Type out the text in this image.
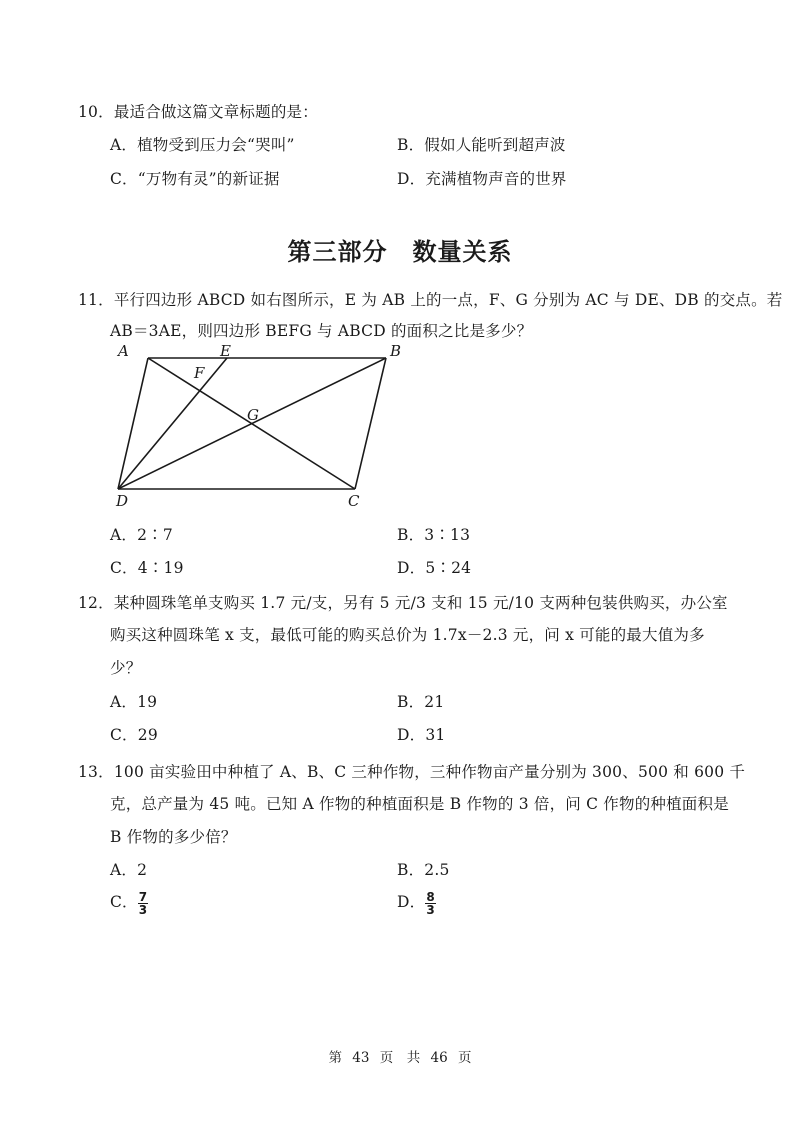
10．最适合做这篇文章标题的是：
A．植物受到压力会“哭叫”	B．假如人能听到超声波
C．“万物有灵”的新证据	D．充满植物声音的世界
第三部分　数量关系
11．平行四边形 ABCD 如右图所示，E 为 AB 上的一点，F、G 分别为 AC 与 DE、DB 的交点。若
AB＝3AE，则四边形 BEFG 与 ABCD 的面积之比是多少？
A	E	B
F
G
D	C
A．2∶7	B．3∶13
C．4∶19	D．5∶24
12．某种圆珠笔单支购买 1.7 元/支，另有 5 元/3 支和 15 元/10 支两种包装供购买，办公室
购买这种圆珠笔 x 支，最低可能的购买总价为 1.7x－2.3 元，问 x 可能的最大值为多
少？
A．19	B．21
C．29	D．31
13．100 亩实验田中种植了 A、B、C 三种作物，三种作物亩产量分别为 300、500 和 600 千
克，总产量为 45 吨。已知 A 作物的种植面积是 B 作物的 3 倍，问 C 作物的种植面积是
B 作物的多少倍？
A．2	B．2.5
C． $\frac{7}{3}$	D． $\frac{8}{3}$
第 43 页　共 46 页
